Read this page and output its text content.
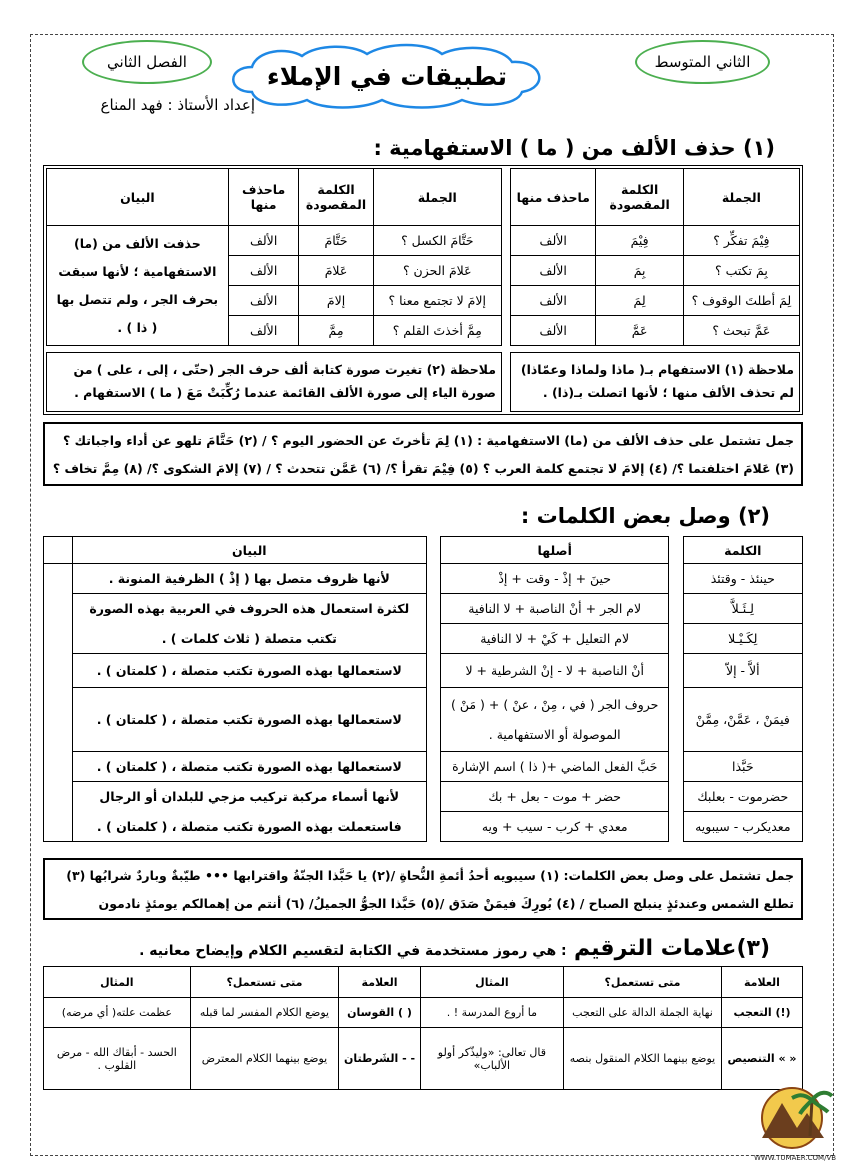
الثاني المتوسط
الفصل الثاني	تطبيقات في الإملاء
إعداد الأستاذ : فهد المناع
(١) حذف الألف من ( ما ) الاستفهامية :
الجملة	الكلمة المقصودة	ماحذف منها
فِيْمَ تفكِّر ؟	فِيْمَ	الألف
بِمَ تكتب ؟	بِمَ	الألف
لِمَ أطلتَ الوقوف ؟	لِمَ	الألف
عَمَّ تبحث ؟	عَمَّ	الألف
الجملة	الكلمة المقصودة	ماحذف منها	البيان
حَتَّامَ الكسل ؟	حَتَّامَ	الألف	حذفت الألف من (ما) الاستفهامية ؛ لأنها سبقت بحرف الجر ، ولم تتصل بها ( ذا ) .
عَلامَ الحزن ؟	عَلامَ	الألف	
إلامَ لا تجتمع معنا ؟	إلامَ	الألف	
مِمَّ أخذتَ القلم ؟	مِمَّ	الألف	
ملاحظة (٢) تغيرت صورة كتابة ألف حرف الجر (حتّى ، إلى ، على ) من صورة الياء إلى صورة الألف القائمة عندما رُكِّبَتْ مَعَ ( ما ) الاستفهام .
ملاحظة (١) الاستفهام بـ( ماذا ولماذا وعمّاذا) لم تحذف الألف منها ؛ لأنها اتصلت بـ(ذا) .
جمل تشتمل على حذف الألف من (ما) الاستفهامية : (١) لِمَ تأخرتَ عن الحضور اليوم ؟ / (٢) حَتَّامَ تلهو عن أداء واجباتك ؟ (٣) عَلامَ اختلفتما ؟/ (٤) إلامَ لا تجتمع كلمة العرب ؟ (٥) فِيْمَ تقرأ ؟/ (٦) عَمَّن تتحدث ؟ / (٧) إلامَ الشكوى ؟/ (٨) مِمَّ تخاف ؟
(٢) وصل بعض الكلمات :
الكلمة		أصلها		البيان	
حينئذ - وقتئذ		حينَ + إذْ - وقت + إذْ		لأنها ظروف متصل بها ( إذْ ) الظرفية المنونة .	
لِـئَـلاَّ		لام الجر + أنْ الناصبة + لا النافية		لكثرة استعمال هذه الحروف في العربية بهذه الصورة	
لِكَـيْـلا		لام التعليل + كَيْ + لا النافية		تكتب متصلة ( ثلاث كلمات ) .	
ألاَّ - إلاّ		أنْ الناصبة + لا - إنْ الشرطية + لا		لاستعمالها بهذه الصورة تكتب متصلة ، ( كلمتان ) .	
فيمَنْ ، عَمَّنْ، مِمَّنْ		حروف الجر ( في ، مِنْ ، عنْ ) + ( مَنْ ) الموصولة أو الاستفهامية .		لاستعمالها بهذه الصورة تكتب متصلة ، ( كلمتان ) .	
حَبَّذا		حَبَّ الفعل الماضي +( ذا ) اسم الإشارة		لاستعمالها بهذه الصورة تكتب متصلة ، ( كلمتان ) .	
حضرموت - بعلبك		حضر + موت - بعل + بك		لأنها أسماء مركبة تركيب مزجي للبلدان أو الرجال	
معديكرب - سيبويه		معدي + كرب - سيب + ويه		فاستعملت بهذه الصورة تكتب متصلة ، ( كلمتان ) .	
جمل تشتمل على وصل بعض الكلمات: (١) سيبويه أحدُ أئمةِ النُّحاةِ /(٢) يا حَبَّذا الجنّةُ واقترابها ••• طيّبةٌ وباردٌ شرابُها (٣) تطلع الشمس وعندئذٍ ينبلج الصباح / (٤) بُورِكَ فيمَنْ صَدَق /(٥) حَبَّذا الجوُّ الجميلُ/ (٦) أنتم من إهمالكم يومئذٍ نادمون
(٣)علامات الترقيم : هي رموز مستخدمة في الكتابة لتقسيم الكلام وإيضاح معانيه .
العلامة	متى تستعمل؟	المثال	العلامة	متى تستعمل؟	المثال
(!) التعجب	نهاية الجملة الدالة على التعجب	ما أروع المدرسة ! .	( ) القوسان	يوضع الكلام المفسر لما قبله	عظمت علته( أي مرضه)
« » التنصيص	يوضع بينهما الكلام المنقول بنصه	قال تعالى: «وليذّكر أولو الألباب»	- - الشَرطتان	يوضع بينهما الكلام المعترض	الحسد - أبقاك الله - مرض القلوب .
WWW.TUMAER.COM/VB
